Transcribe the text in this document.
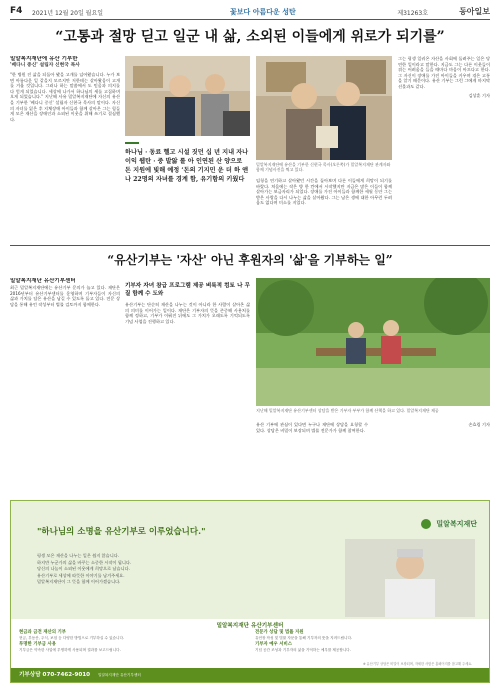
F4 2021년 12월 20일 월요일	꽃보다 아름다운 성탄	제31263호	동아일보
“고통과 절망 딛고 일군 내 삶, 소외된 이들에게 위로가 되기를”
밀알복지재단에 유산 기부한
'베다니 중신' 설립자 신현국 목사
"한 병원 진 삶을 되돌아 봤을 고개를 넘어왔습니다. 누가 보면 아름다운 일 같을지 모르지만 저한테는 살아왔음이 고개를 겨울 것입니다. 그러나 하는 말씀에서 도 믿음과 의지를 다 얻게 되었습니다. 세상에 나가서 하나님의 세를 고집하며 오게 되었습니다." 지난해 사유 밀알복지재단에 자신의 유산을 기부한 '베다니 중신' 설립자 신현국 목사의 말이다. 자신의 자녀를 잃은 후 지체장애 아이들과 함께 살아온 그는 힘들게 모은 재산을 장애인과 소외된 이웃을 위해 쓰기로 결심했다.
하나님 · 동료 헬고 시설 짓던 십 년 지내 자나 이익 웹탄 · 중 발앓 롤 아 인연된 산 양으로 돈 지원에 빛해 예정 ‘돈의 기지민 운 더 하 앤 나 22명의 자녀를 경계 함, 유기함의 키웠다
밀알복지재단에 유산을 기부한 신현국 목사(오른쪽)가 밀알복지재단 관계자와 함께 기념사진을 찍고 있다.
임청을 연기하고 살아왔던 시간을 돌아보며 다른 이들에게 희망이 되기를 바랐다. 처음에는 작은 방 한 칸에서 시작했지만 지금은 많은 이들이 함께 살아가는 보금자리가 되었다. 장애를 가진 아이들과 함께한 세월 동안 그는 받은 사랑을 다시 나누는 삶을 살아왔다. 그는 남은 생에 대한 아무런 두려움도 없다며 미소를 지었다.
그는 평생 일궈온 자산을 사회에 돌려주는 일은 당연한 일이라고 말한다. 지금도 그는 다른 이웃들이 겪는 어려움을 들을 때마다 마음이 아프다고 한다. 그 자신이 장애를 가진 아이들을 키우며 겪은 고통을 알기 때문이다. 유산 기부는 그런 그에게 마지막 선물과도 같다.
김상훈 기자
“유산기부는 '자산' 아닌 후원자의 '삶'을 기부하는 일”
밀알복지재단 유산기부센터
최근 밀알복지재단에는 유산기부 문의가 늘고 있다. 재단은 2016년부터 유산기부센터를 운영하며 기부자들이 자신의 삶과 가치를 담은 유산을 남길 수 있도록 돕고 있다. 전문 상담을 통해 유언 작성부터 법률 검토까지 함께한다.
기부자 자녀 참급 프로그램 제공 벼룩적 컴토 나 무 질 함께 수 도와
유산기부는 단순히 재산을 나누는 것이 아니라 한 사람이 살아온 삶의 의미를 이어가는 일이다. 재단은 기부자의 뜻을 존중해 사용처를 함께 정하고, 기부가 이뤄진 뒤에도 그 가치가 오래도록 기억되도록 기념 사업을 진행하고 있다.
지난해 밀알복지재단 유산기부센터 상담을 받은 기부자 부부가 함께 산책을 하고 있다. 밀알복지재단 제공
유산 기부에 관심이 있다면 누구나 재단에 상담을 요청할 수 있다. 상담은 비밀이 보장되며 법률 전문가가 함께 참여한다.
손효림 기자
"하나님의 소명을 유산기부로 이루었습니다."
밀알복지재단
평생 모은 재산을 나누는 일은 쉽지 않습니다.
하지만 누군가의 삶을 바꾸는 소중한 시작이 됩니다.
당신의 나눔이 소외된 이웃에게 희망으로 남습니다.
유산기부로 세상에 따뜻한 이야기를 남겨주세요.
밀알복지재단이 그 뜻을 함께 이어가겠습니다.
밀알복지재단 유산기부센터
현금과 금전 재산의 기부
현금, 부동산, 주식, 보험 등 다양한 방법으로 기부하실 수 있습니다.
전문가 상담 및 법률 지원
유언장 작성 및 법률 자문을 통해 기부자의 뜻을 지켜드립니다.
투명한 기부금 사용
기부금은 약속한 사업에 투명하게 사용되며 결과를 보고드립니다.
기부자 예우 서비스
기념 공간 조성과 기부자의 삶을 기억하는 예우를 제공합니다.
※ 유산기부 상담은 비밀이 보장되며, 자세한 사항은 홈페이지를 참고해 주세요.
기부상담 070-7462-9010 밀알복지재단 유산기부센터
